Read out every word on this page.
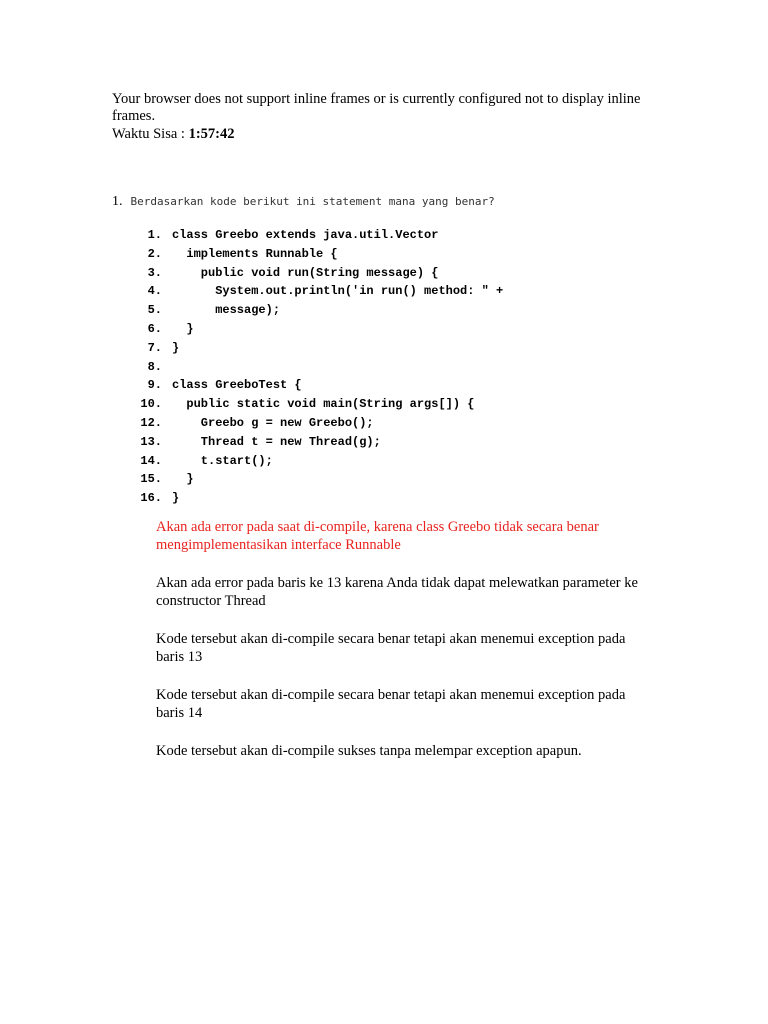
Your browser does not support inline frames or is currently configured not to display inline frames.
Waktu Sisa : 1:57:42
1. Berdasarkan kode berikut ini statement mana yang benar?
1. class Greebo extends java.util.Vector
2. implements Runnable {
3. public void run(String message) {
4. System.out.println('in run() method: " +
5. message);
6. }
7. }
8.
9. class GreeboTest {
10. public static void main(String args[]) {
12. Greebo g = new Greebo();
13. Thread t = new Thread(g);
14. t.start();
15. }
16. }
Akan ada error pada saat di-compile, karena class Greebo tidak secara benar mengimplementasikan interface Runnable
Akan ada error pada baris ke 13 karena Anda tidak dapat melewatkan parameter ke constructor Thread
Kode tersebut akan di-compile secara benar tetapi akan menemui exception pada baris 13
Kode tersebut akan di-compile secara benar tetapi akan menemui exception pada baris 14
Kode tersebut akan di-compile sukses tanpa melempar exception apapun.
